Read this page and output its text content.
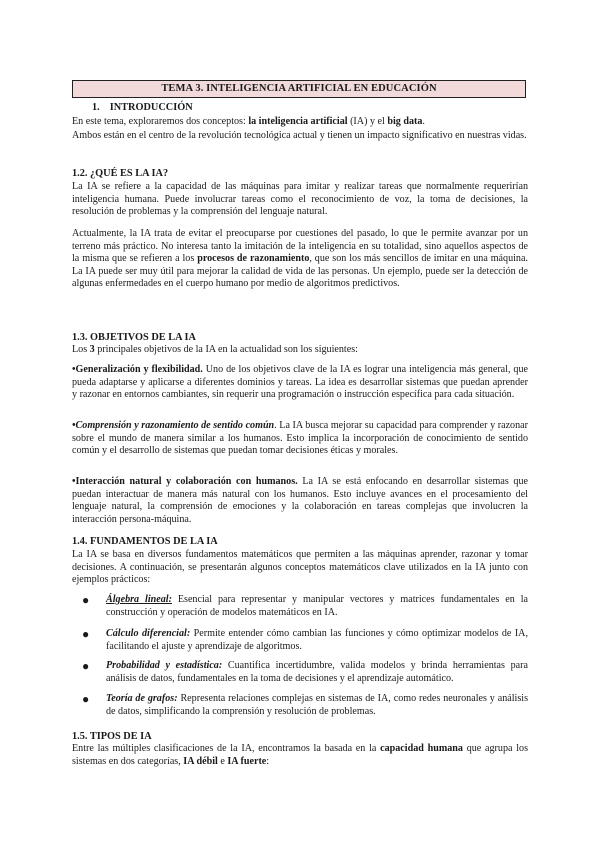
TEMA 3. INTELIGENCIA ARTIFICIAL EN EDUCACIÓN
1. INTRODUCCIÓN
En este tema, exploraremos dos conceptos: la inteligencia artificial (IA) y el big data.
Ambos están en el centro de la revolución tecnológica actual y tienen un impacto significativo en nuestras vidas.
1.2. ¿QUÉ ES LA IA?
La IA se refiere a la capacidad de las máquinas para imitar y realizar tareas que normalmente requerirían inteligencia humana. Puede involucrar tareas como el reconocimiento de voz, la toma de decisiones, la resolución de problemas y la comprensión del lenguaje natural.
Actualmente, la IA trata de evitar el preocuparse por cuestiones del pasado, lo que le permite avanzar por un terreno más práctico. No interesa tanto la imitación de la inteligencia en su totalidad, sino aquellos aspectos de la misma que se refieren a los procesos de razonamiento, que son los más sencillos de imitar en una máquina. La IA puede ser muy útil para mejorar la calidad de vida de las personas. Un ejemplo, puede ser la detección de algunas enfermedades en el cuerpo humano por medio de algoritmos predictivos.
1.3. OBJETIVOS DE LA IA
Los 3 principales objetivos de la IA en la actualidad son los siguientes:
•Generalización y flexibilidad. Uno de los objetivos clave de la IA es lograr una inteligencia más general, que pueda adaptarse y aplicarse a diferentes dominios y tareas. La idea es desarrollar sistemas que puedan aprender y razonar en entornos cambiantes, sin requerir una programación o instrucción específica para cada situación.
•Comprensión y razonamiento de sentido común. La IA busca mejorar su capacidad para comprender y razonar sobre el mundo de manera similar a los humanos. Esto implica la incorporación de conocimiento de sentido común y el desarrollo de sistemas que puedan tomar decisiones éticas y morales.
•Interacción natural y colaboración con humanos. La IA se está enfocando en desarrollar sistemas que puedan interactuar de manera más natural con los humanos. Esto incluye avances en el procesamiento del lenguaje natural, la comprensión de emociones y la colaboración en tareas complejas que involucren la interacción persona-máquina.
1.4. FUNDAMENTOS DE LA IA
La IA se basa en diversos fundamentos matemáticos que permiten a las máquinas aprender, razonar y tomar decisiones. A continuación, se presentarán algunos conceptos matemáticos clave utilizados en la IA junto con ejemplos prácticos:
● Álgebra lineal: Esencial para representar y manipular vectores y matrices fundamentales en la construcción y operación de modelos matemáticos en IA.
● Cálculo diferencial: Permite entender cómo cambian las funciones y cómo optimizar modelos de IA, facilitando el ajuste y aprendizaje de algoritmos.
● Probabilidad y estadística: Cuantifica incertidumbre, valida modelos y brinda herramientas para análisis de datos, fundamentales en la toma de decisiones y el aprendizaje automático.
● Teoría de grafos: Representa relaciones complejas en sistemas de IA, como redes neuronales y análisis de datos, simplificando la comprensión y resolución de problemas.
1.5. TIPOS DE IA
Entre las múltiples clasificaciones de la IA, encontramos la basada en la capacidad humana que agrupa los sistemas en dos categorías, IA débil e IA fuerte:
